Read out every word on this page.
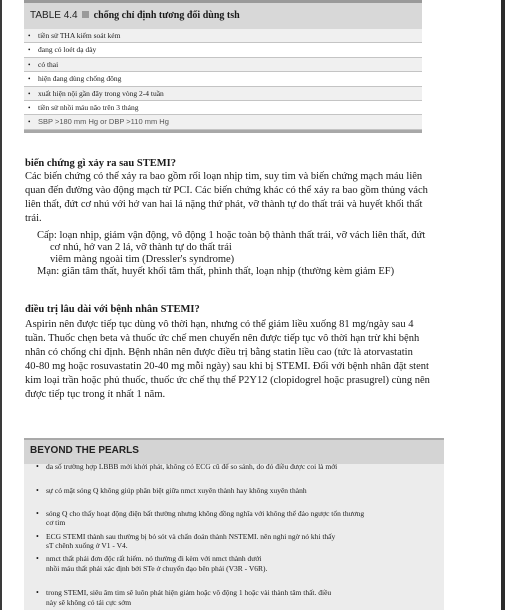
TABLE 4.4 chống chỉ định tương đối dùng tsh
• tiền sử THA kiểm soát kém
• đang có loét dạ dày
• có thai
• hiện đang dùng chống đông
• xuất hiện nội gần đây trong vòng 2-4 tuần
• tiền sử nhồi máu não trên 3 tháng
• SBP >180 mm Hg or DBP >110 mm Hg
biến chứng gì xảy ra sau STEMI?
Các biến chứng có thể xảy ra bao gồm rối loạn nhịp tim, suy tim và biến chứng mạch máu liên
quan đến đường vào động mạch từ PCI. Các biến chứng khác có thể xảy ra bao gồm thủng vách
liên thất, đứt cơ nhú với hở van hai lá nặng thứ phát, vỡ thành tự do thất trái và huyết khối thất
trái.
Cấp: loạn nhịp, giảm vận động, vô động 1 hoặc toàn bộ thành thất trái, vỡ vách liên thất, đứt
cơ nhú, hở van 2 lá, vỡ thành tự do thất trái
viêm màng ngoài tim (Dressler's syndrome)
Mạn: giãn tâm thất, huyết khối tâm thất, phình thất, loạn nhịp (thường kèm giảm EF)
điều trị lâu dài với bệnh nhân STEMI?
Aspirin nên được tiếp tục dùng vô thời hạn, nhưng có thể giảm liều xuống 81 mg/ngày sau 4
tuần. Thuốc chẹn beta và thuốc ức chế men chuyển nên được tiếp tục vô thời hạn trừ khi bệnh
nhân có chống chỉ định. Bệnh nhân nên được điều trị bằng statin liều cao (tức là atorvastatin
40-80 mg hoặc rosuvastatin 20-40 mg mỗi ngày) sau khi bị STEMI. Đối với bệnh nhân đặt stent
kim loại trần hoặc phủ thuốc, thuốc ức chế thụ thể P2Y12 (clopidogrel hoặc prasugrel) cùng nên
được tiếp tục trong ít nhất 1 năm.
BEYOND THE PEARLS
• da số trường hợp LBBB mới khởi phát, không có ECG cũ để so sánh, do đó điều được coi là mới
• sự có mặt sóng Q không giúp phân biệt giữa nmct xuyên thành hay không xuyên thành
• sóng Q cho thấy hoạt động điện bất thường nhưng không đồng nghĩa với không thể đảo ngược tổn thương
cơ tim
• ECG STEMI thành sau thường bị bỏ sót và chẩn đoán thành NSTEMI. nên nghi ngờ nó khi thấy
sT chênh xuống ở V1 - V4.
• nmct thất phải đơn độc rất hiếm. nó thường đi kèm với nmct thành dưới
nhồi máu thất phải xác định bởi STe ở chuyển đạo bên phải (V3R - V6R).
• trong STEMI, siêu âm tim sẽ luôn phát hiện giảm hoặc vô động 1 hoặc vài thành tâm thất. điều
này sẽ không có tái cực sớm
